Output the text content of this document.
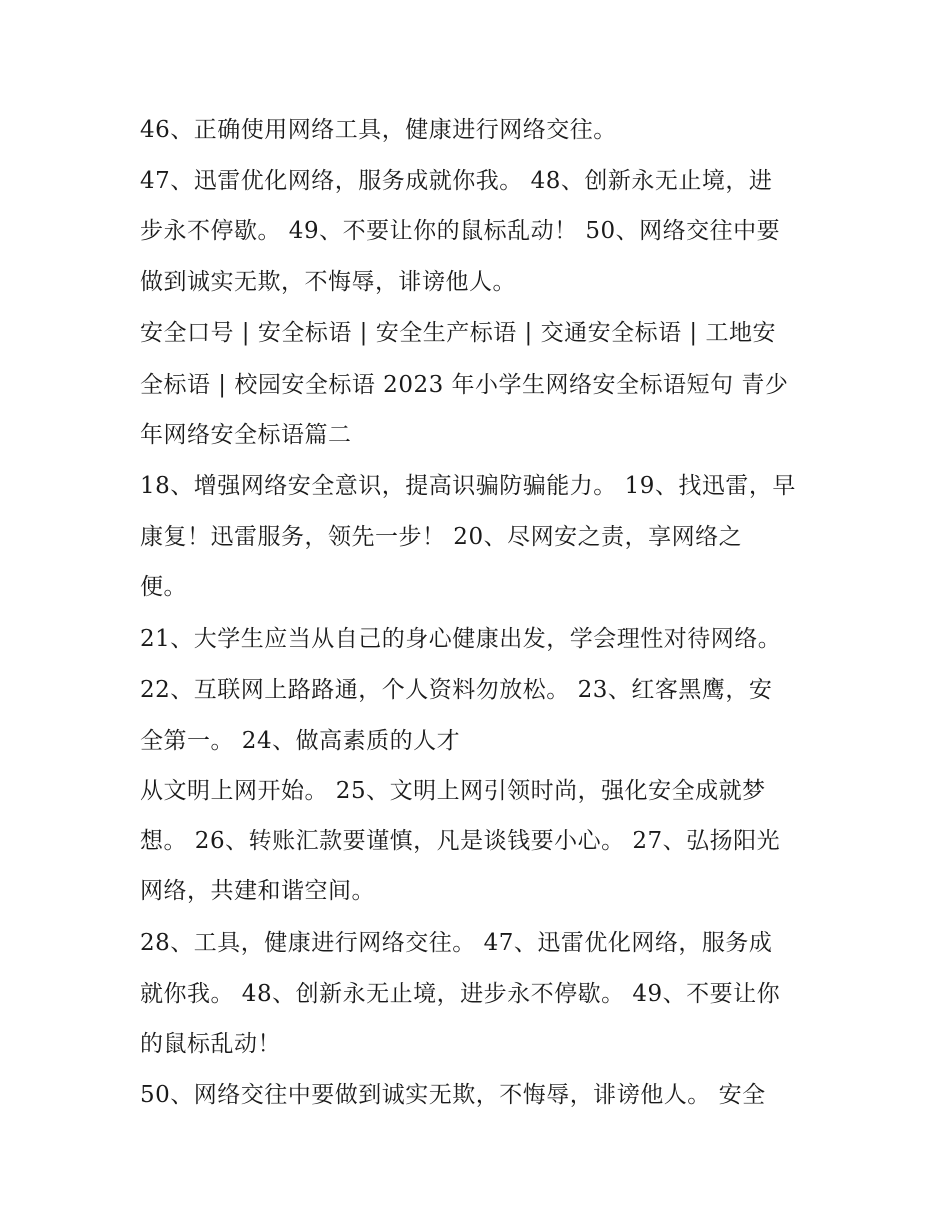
46、正确使用网络工具，健康进行网络交往。

47、迅雷优化网络，服务成就你我。 48、创新永无止境，进

步永不停歇。 49、不要让你的鼠标乱动！ 50、网络交往中要

做到诚实无欺，不悔辱，诽谤他人。

安全口号 | 安全标语 | 安全生产标语 | 交通安全标语 | 工地安

全标语 | 校园安全标语 2023 年小学生网络安全标语短句 青少

年网络安全标语篇二

18、增强网络安全意识，提高识骗防骗能力。 19、找迅雷，早

康复！迅雷服务，领先一步！ 20、尽网安之责，享网络之

便。

21、大学生应当从自己的身心健康出发，学会理性对待网络。

22、互联网上路路通，个人资料勿放松。 23、红客黑鹰，安

全第一。 24、做高素质的人才

从文明上网开始。 25、文明上网引领时尚，强化安全成就梦

想。 26、转账汇款要谨慎，凡是谈钱要小心。 27、弘扬阳光

网络，共建和谐空间。

28、工具，健康进行网络交往。 47、迅雷优化网络，服务成

就你我。 48、创新永无止境，进步永不停歇。 49、不要让你

的鼠标乱动！

50、网络交往中要做到诚实无欺，不悔辱，诽谤他人。 安全
